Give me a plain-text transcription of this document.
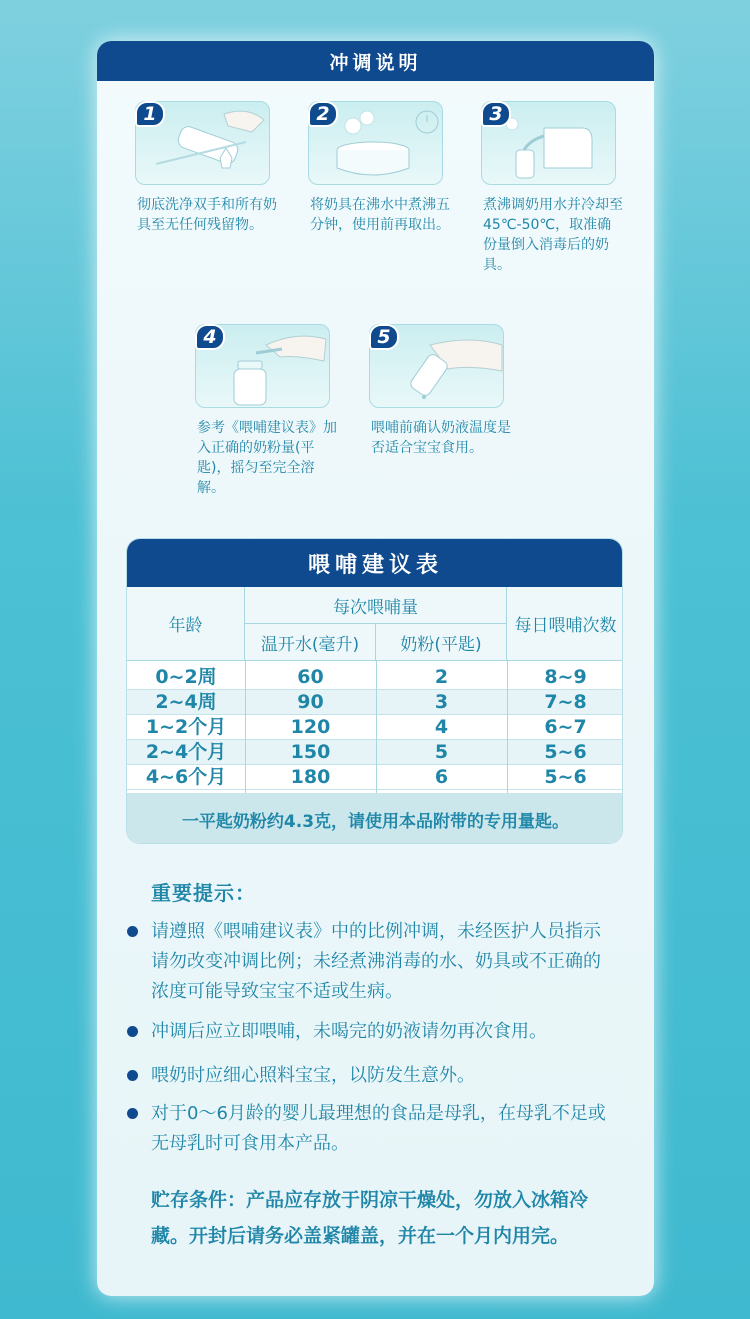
冲调说明
1
彻底洗净双手和所有奶具至无任何残留物。
2
将奶具在沸水中煮沸五分钟，使用前再取出。
3
煮沸调奶用水并冷却至45℃-50℃，取准确份量倒入消毒后的奶具。
4
参考《喂哺建议表》加入正确的奶粉量(平匙)，摇匀至完全溶解。
5
喂哺前确认奶液温度是否适合宝宝食用。
喂哺建议表
年龄
每次喂哺量
温开水(毫升)	奶粉(平匙)
每日喂哺次数
0~2周	60	2	8~9
2~4周	90	3	7~8
1~2个月	120	4	6~7
2~4个月	150	5	5~6
4~6个月	180	6	5~6
一平匙奶粉约4.3克，请使用本品附带的专用量匙。
重要提示：
请遵照《喂哺建议表》中的比例冲调，未经医护人员指示请勿改变冲调比例；未经煮沸消毒的水、奶具或不正确的浓度可能导致宝宝不适或生病。
冲调后应立即喂哺，未喝完的奶液请勿再次食用。
喂奶时应细心照料宝宝，以防发生意外。
对于0～6月龄的婴儿最理想的食品是母乳，在母乳不足或无母乳时可食用本产品。
贮存条件：产品应存放于阴凉干燥处，勿放入冰箱冷藏。开封后请务必盖紧罐盖，并在一个月内用完。
